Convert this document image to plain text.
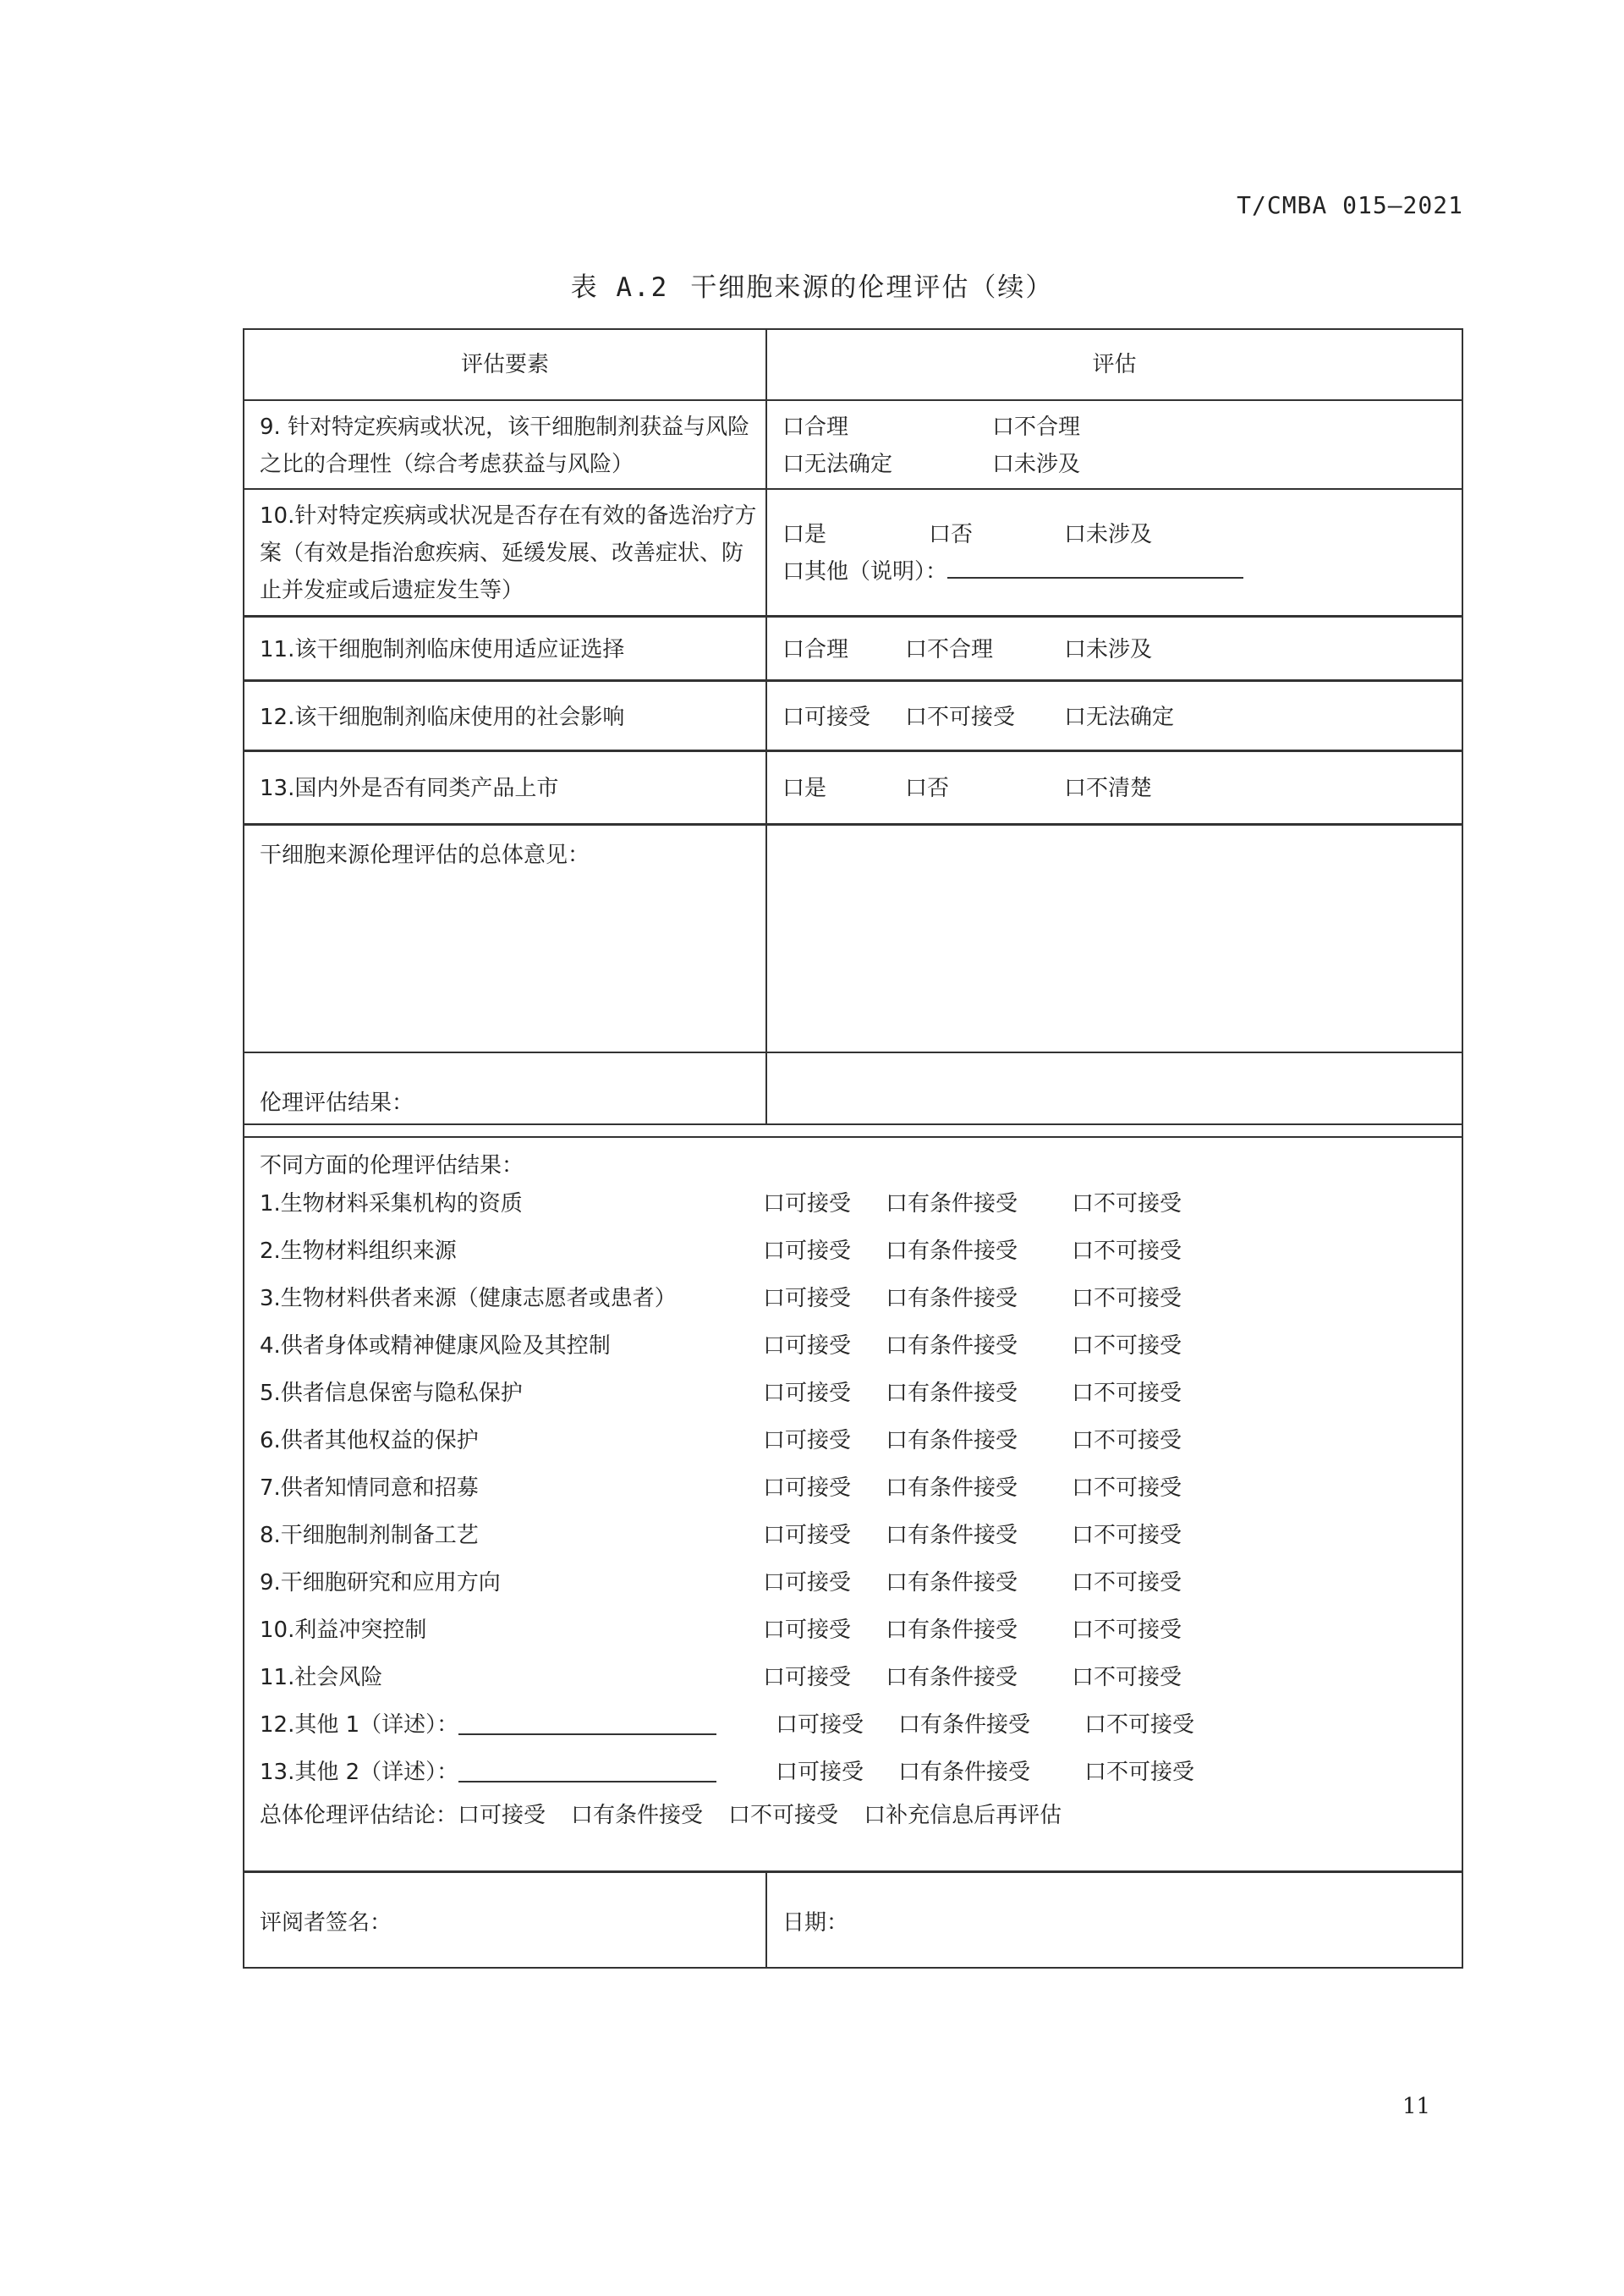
T/CMBA 015—2021
表 A.2 干细胞来源的伦理评估（续）
评估要素	评估
9. 针对特定疾病或状况，该干细胞制剂获益与风险之比的合理性（综合考虑获益与风险）
口合理	口不合理
口无法确定	口未涉及
10.针对特定疾病或状况是否存在有效的备选治疗方案（有效是指治愈疾病、延缓发展、改善症状、防止并发症或后遗症发生等）
口是	口否	口未涉及
口其他（说明）：
11.该干细胞制剂临床使用适应证选择	口合理	口不合理	口未涉及
12.该干细胞制剂临床使用的社会影响	口可接受	口不可接受	口无法确定
13.国内外是否有同类产品上市	口是	口否	口不清楚
干细胞来源伦理评估的总体意见：
伦理评估结果：
不同方面的伦理评估结果：
1.生物材料采集机构的资质	口可接受 口有条件接受 口不可接受
2.生物材料组织来源	口可接受 口有条件接受 口不可接受
3.生物材料供者来源（健康志愿者或患者）	口可接受 口有条件接受 口不可接受
4.供者身体或精神健康风险及其控制	口可接受 口有条件接受 口不可接受
5.供者信息保密与隐私保护	口可接受 口有条件接受 口不可接受
6.供者其他权益的保护	口可接受 口有条件接受 口不可接受
7.供者知情同意和招募	口可接受 口有条件接受 口不可接受
8.干细胞制剂制备工艺	口可接受 口有条件接受 口不可接受
9.干细胞研究和应用方向	口可接受 口有条件接受 口不可接受
10.利益冲突控制	口可接受 口有条件接受 口不可接受
11.社会风险	口可接受 口有条件接受 口不可接受
12.其他 1（详述）：	口可接受 口有条件接受 口不可接受
13.其他 2（详述）：	口可接受 口有条件接受 口不可接受
总体伦理评估结论：口可接受 口有条件接受 口不可接受 口补充信息后再评估
评阅者签名：	日期：
11
